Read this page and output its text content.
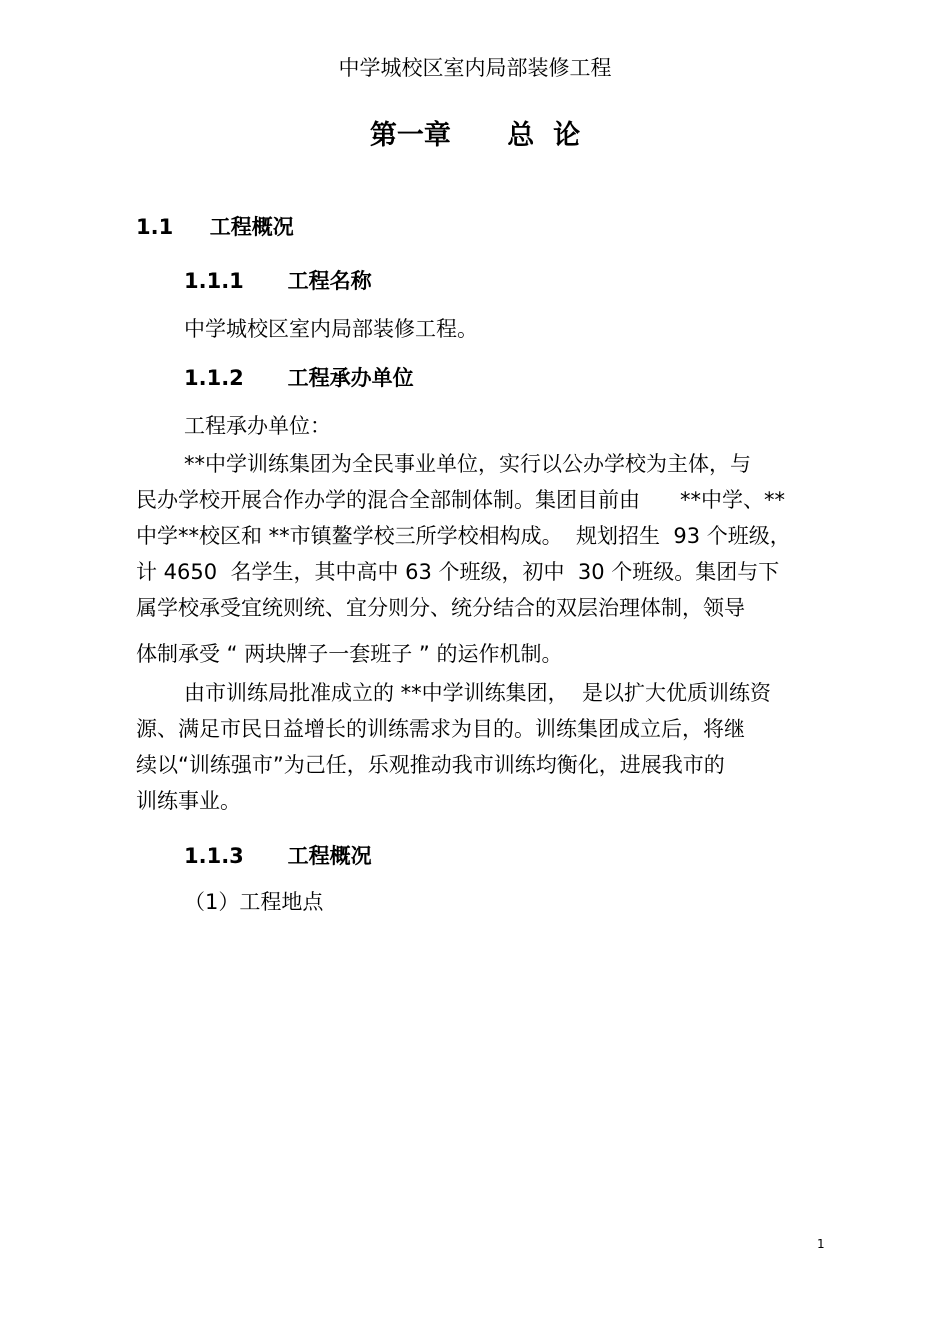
中学城校区室内局部装修工程
第一章      总  论
1.1     工程概况
1.1.1      工程名称
中学城校区室内局部装修工程。
1.1.2      工程承办单位
工程承办单位：
**中学训练集团为全民事业单位，实行以公办学校为主体，与
民办学校开展合作办学的混合全部制体制。集团目前由      **中学、**
中学**校区和 **市镇鳌学校三所学校相构成。  规划招生  93 个班级，
计 4650  名学生，其中高中 63 个班级，初中  30 个班级。集团与下
属学校承受宜统则统、宜分则分、统分结合的双层治理体制，领导
体制承受 “ 两块牌子一套班子 ” 的运作机制。
由市训练局批准成立的 **中学训练集团，  是以扩大优质训练资
源、满足市民日益增长的训练需求为目的。训练集团成立后，将继
续以“训练强市”为己任，乐观推动我市训练均衡化，进展我市的
训练事业。
1.1.3      工程概况
（1）工程地点
1
